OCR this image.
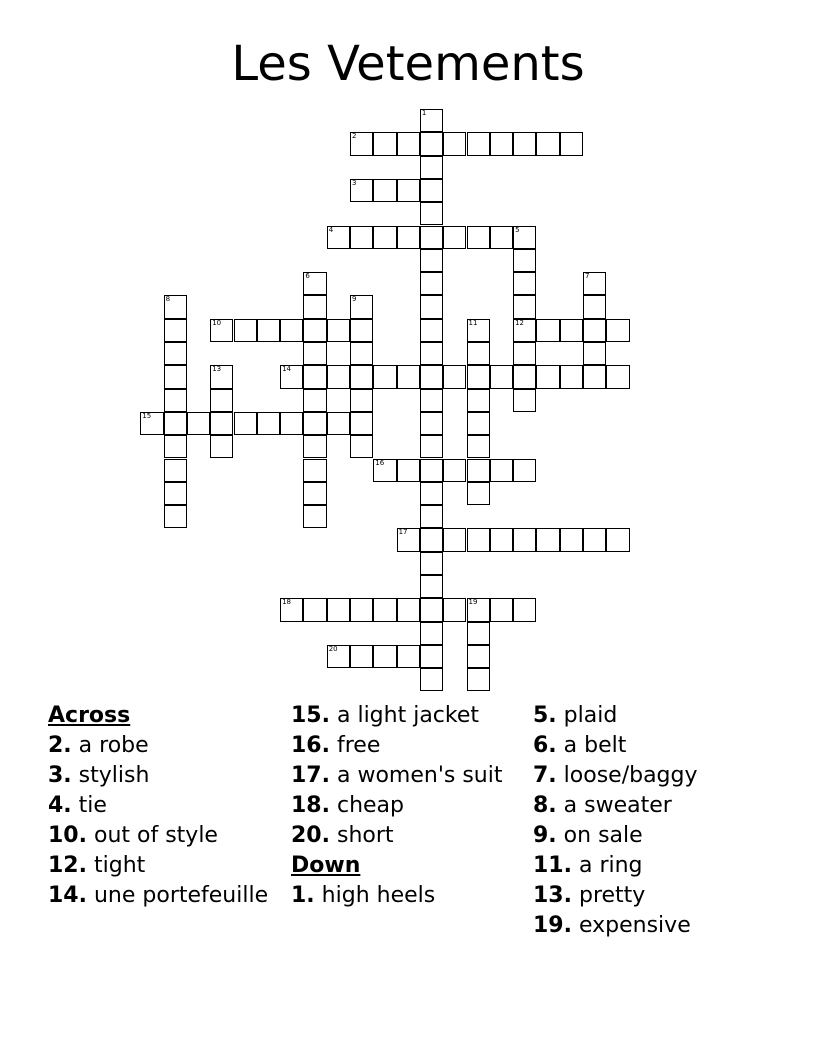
Les Vetements
1
2
3
4	5
12
6	7
8	9
10	11
13	14
15
16
17
18	19
20
Across
2. a robe
3. stylish
4. tie
10. out of style
12. tight
14. une portefeuille
15. a light jacket
16. free
17. a women's suit
18. cheap
20. short
Down
1. high heels
5. plaid
6. a belt
7. loose/baggy
8. a sweater
9. on sale
11. a ring
13. pretty
19. expensive
